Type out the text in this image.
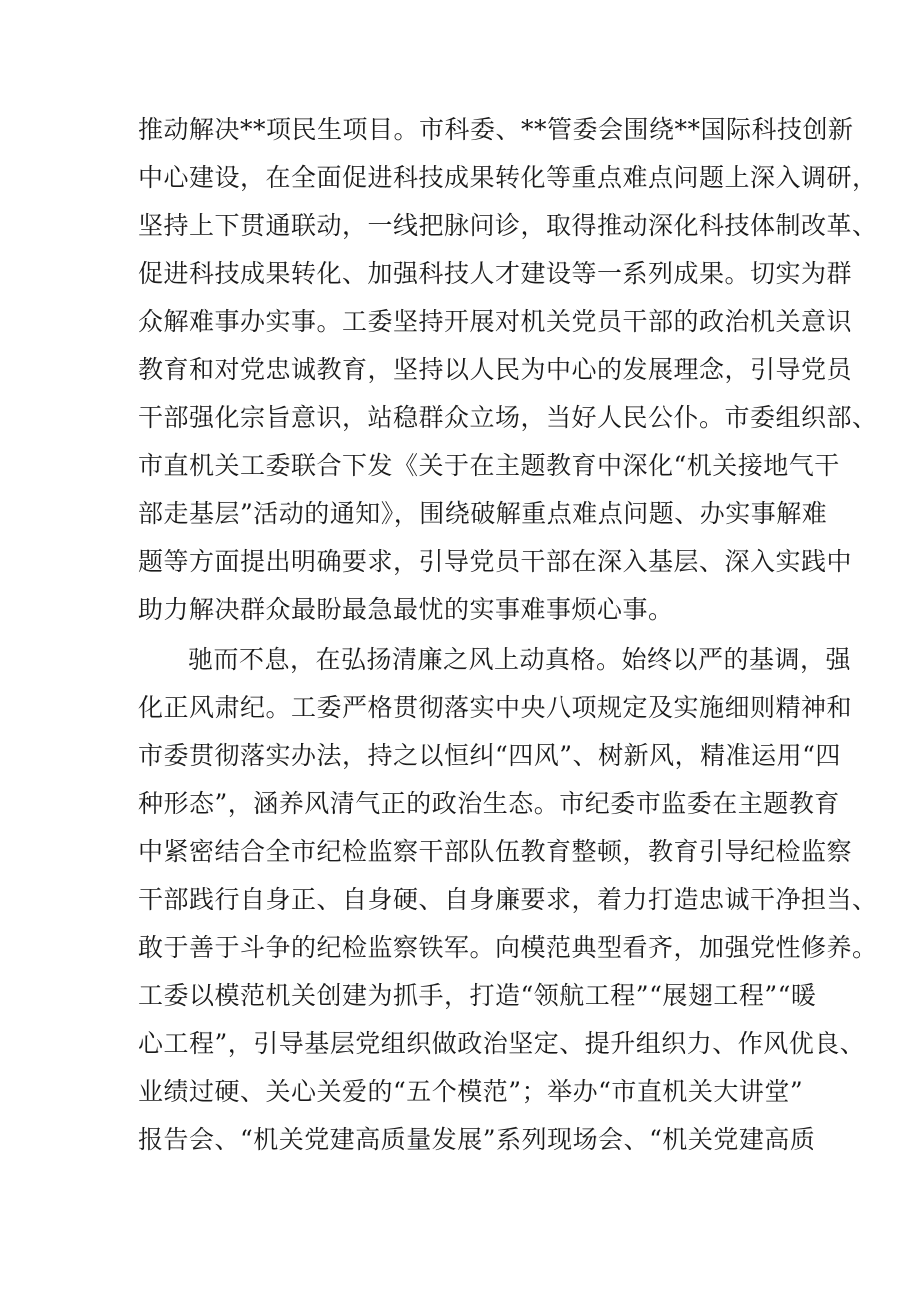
推动解决**项民生项目。市科委、**管委会围绕**国际科技创新
中心建设，在全面促进科技成果转化等重点难点问题上深入调研，
坚持上下贯通联动，一线把脉问诊，取得推动深化科技体制改革、
促进科技成果转化、加强科技人才建设等一系列成果。切实为群
众解难事办实事。工委坚持开展对机关党员干部的政治机关意识
教育和对党忠诚教育，坚持以人民为中心的发展理念，引导党员
干部强化宗旨意识，站稳群众立场，当好人民公仆。市委组织部、
市直机关工委联合下发《关于在主题教育中深化“机关接地气干
部走基层”活动的通知》，围绕破解重点难点问题、办实事解难
题等方面提出明确要求，引导党员干部在深入基层、深入实践中
助力解决群众最盼最急最忧的实事难事烦心事。
驰而不息，在弘扬清廉之风上动真格。始终以严的基调，强
化正风肃纪。工委严格贯彻落实中央八项规定及实施细则精神和
市委贯彻落实办法，持之以恒纠“四风”、树新风，精准运用“四
种形态”，涵养风清气正的政治生态。市纪委市监委在主题教育
中紧密结合全市纪检监察干部队伍教育整顿，教育引导纪检监察
干部践行自身正、自身硬、自身廉要求，着力打造忠诚干净担当、
敢于善于斗争的纪检监察铁军。向模范典型看齐，加强党性修养。
工委以模范机关创建为抓手，打造“领航工程”“展翅工程”“暖
心工程”，引导基层党组织做政治坚定、提升组织力、作风优良、
业绩过硬、关心关爱的“五个模范”；举办“市直机关大讲堂”
报告会、“机关党建高质量发展”系列现场会、“机关党建高质
